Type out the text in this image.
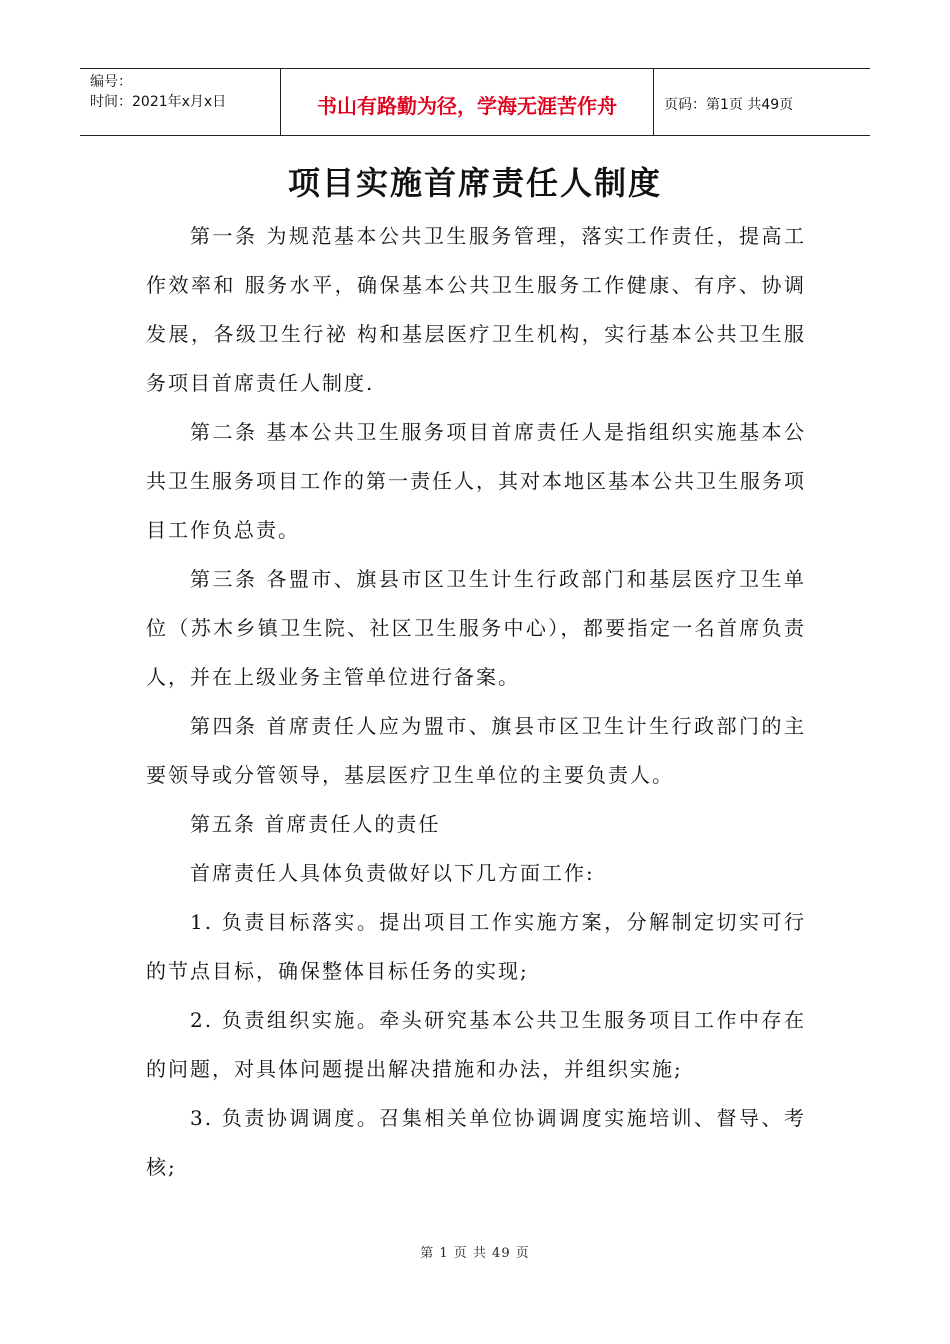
编号：
时间：2021年x月x日	书山有路勤为径，学海无涯苦作舟	页码：第1页 共49页
项目实施首席责任人制度

第一条 为规范基本公共卫生服务管理，落实工作责任，提高工作效率和 服务水平，确保基本公共卫生服务工作健康、有序、协调发展，各级卫生行祕 构和基层医疗卫生机构，实行基本公共卫生服务项目首席责任人制度.

第二条 基本公共卫生服务项目首席责任人是指组织实施基本公共卫生服务项目工作的第一责任人，其对本地区基本公共卫生服务项目工作负总责。

第三条 各盟市、旗县市区卫生计生行政部门和基层医疗卫生单位（苏木乡镇卫生院、社区卫生服务中心），都要指定一名首席负责人，并在上级业务主管单位进行备案。

第四条 首席责任人应为盟市、旗县市区卫生计生行政部门的主要领导或分管领导，基层医疗卫生单位的主要负责人。

第五条 首席责任人的责任

首席责任人具体负责做好以下几方面工作:

1. 负责目标落实。提出项目工作实施方案，分解制定切实可行的节点目标，确保整体目标任务的实现;

2. 负责组织实施。牵头研究基本公共卫生服务项目工作中存在的问题，对具体问题提出解决措施和办法，并组织实施;

3. 负责协调调度。召集相关单位协调调度实施培训、督导、考核;

第 1 页 共 49 页
